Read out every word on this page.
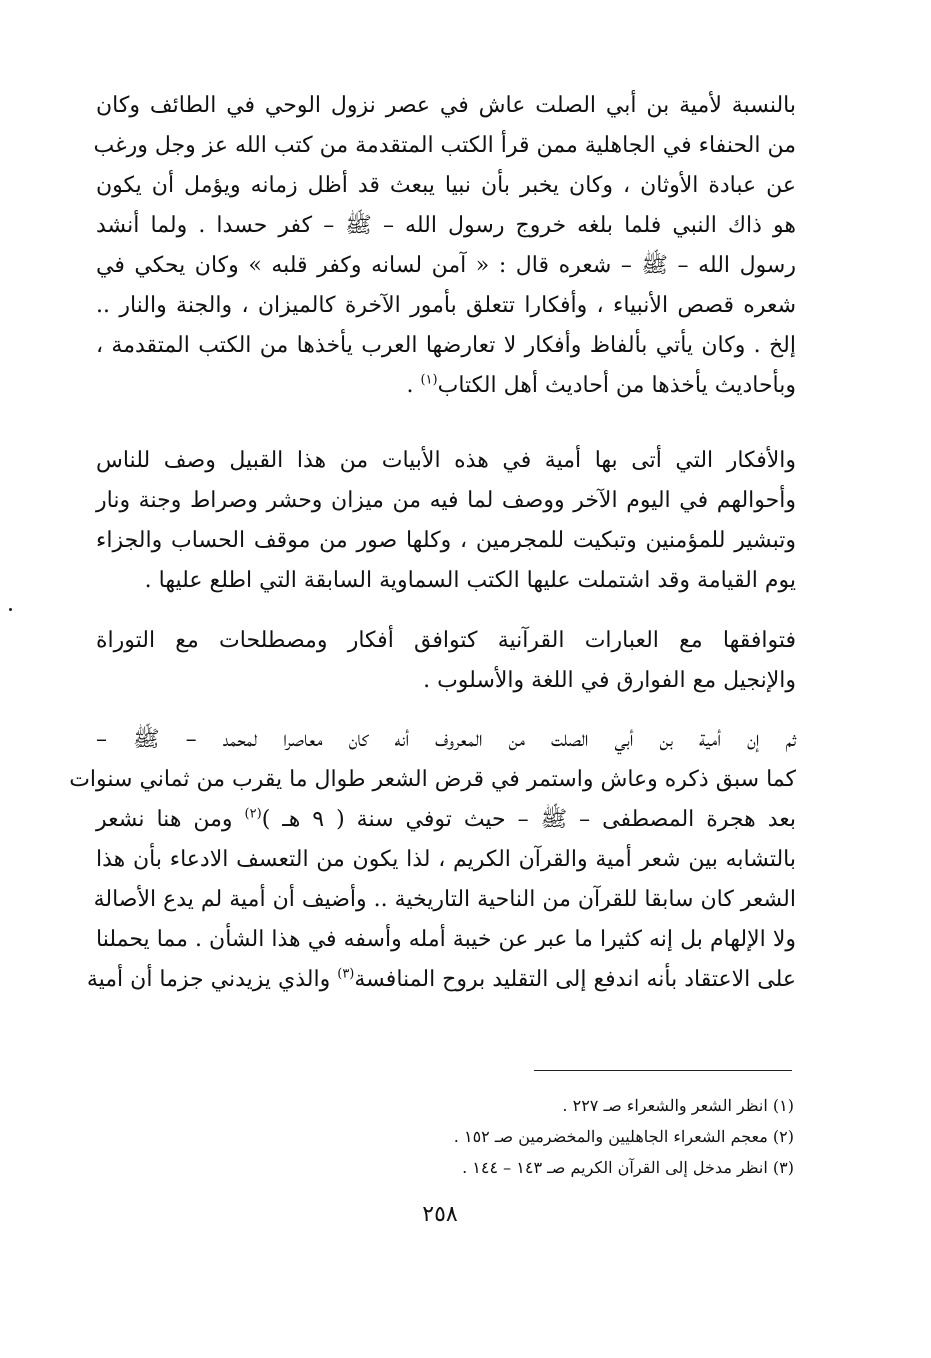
بالنسبة لأمية بن أبي الصلت عاش في عصر نزول الوحي في الطائف وكان
من الحنفاء في الجاهلية ممن قرأ الكتب المتقدمة من كتب الله عز وجل ورغب
عن عبادة الأوثان ، وكان يخبر بأن نبيا يبعث قد أظل زمانه ويؤمل أن يكون
هو ذاك النبي فلما بلغه خروج رسول الله – ﷺ – كفر حسدا . ولما أنشد
رسول الله – ﷺ – شعره قال : « آمن لسانه وكفر قلبه » وكان يحكي في
شعره قصص الأنبياء ، وأفكارا تتعلق بأمور الآخرة كالميزان ، والجنة والنار ..
إلخ . وكان يأتي بألفاظ وأفكار لا تعارضها العرب يأخذها من الكتب المتقدمة ،
وبأحاديث يأخذها من أحاديث أهل الكتاب$^{(١)}$ .
والأفكار التي أتى بها أمية في هذه الأبيات من هذا القبيل وصف للناس
وأحوالهم في اليوم الآخر ووصف لما فيه من ميزان وحشر وصراط وجنة ونار
وتبشير للمؤمنين وتبكيت للمجرمين ، وكلها صور من موقف الحساب والجزاء
يوم القيامة وقد اشتملت عليها الكتب السماوية السابقة التي اطلع عليها .
فتوافقها مع العبارات القرآنية كتوافق أفكار ومصطلحات مع التوراة
والإنجيل مع الفوارق في اللغة والأسلوب .
ثم إن أمية بن أبي الصلت من المعروف أنه كان معاصرا لمحمد – ﷺ –
كما سبق ذكره وعاش واستمر في قرض الشعر طوال ما يقرب من ثماني سنوات
بعد هجرة المصطفى – ﷺ – حيث توفي سنة ( ٩ هـ )$^{(٢)}$ ومن هنا نشعر
بالتشابه بين شعر أمية والقرآن الكريم ، لذا يكون من التعسف الادعاء بأن هذا
الشعر كان سابقا للقرآن من الناحية التاريخية .. وأضيف أن أمية لم يدع الأصالة
ولا الإلهام بل إنه كثيرا ما عبر عن خيبة أمله وأسفه في هذا الشأن . مما يحملنا
على الاعتقاد بأنه اندفع إلى التقليد بروح المنافسة$^{(٣)}$ والذي يزيدني جزما أن أمية
(١) انظر الشعر والشعراء صـ ٢٢٧ .
(٢) معجم الشعراء الجاهليين والمخضرمين صـ ١٥٢ .
(٣) انظر مدخل إلى القرآن الكريم صـ ١٤٣ – ١٤٤ .
٢٥٨
